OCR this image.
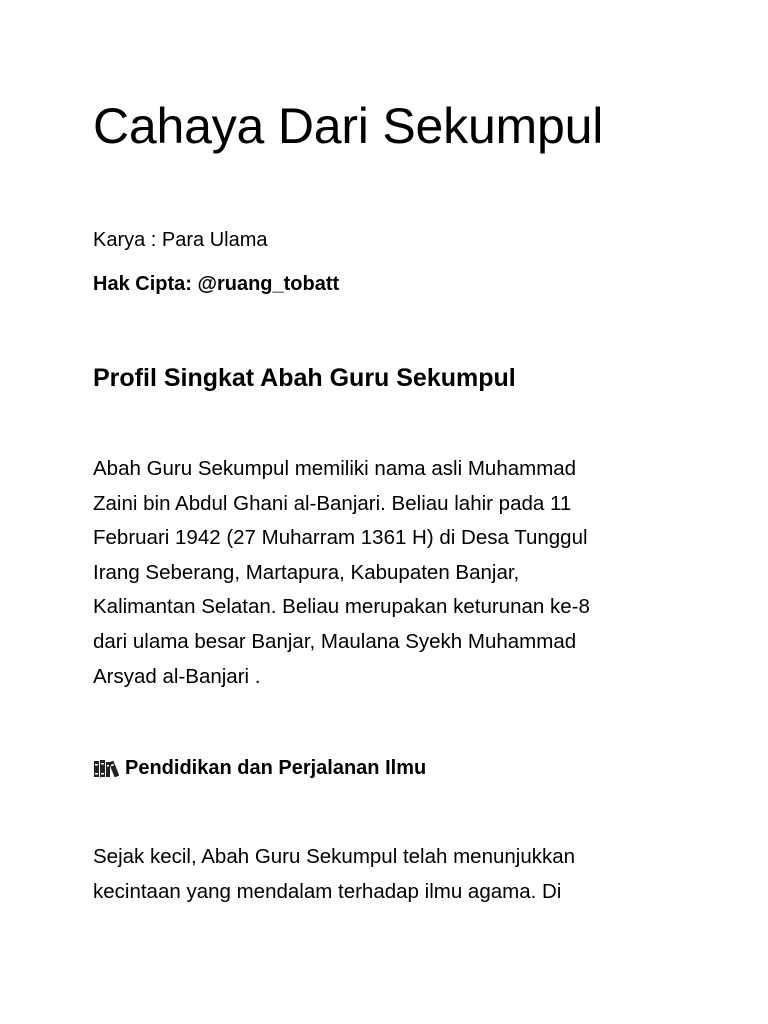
Cahaya Dari Sekumpul

Karya : Para Ulama

Hak Cipta: @ruang_tobatt

Profil Singkat Abah Guru Sekumpul

Abah Guru Sekumpul memiliki nama asli Muhammad
Zaini bin Abdul Ghani al-Banjari. Beliau lahir pada 11
Februari 1942 (27 Muharram 1361 H) di Desa Tunggul
Irang Seberang, Martapura, Kabupaten Banjar,
Kalimantan Selatan. Beliau merupakan keturunan ke-8
dari ulama besar Banjar, Maulana Syekh Muhammad
Arsyad al-Banjari .

Pendidikan dan Perjalanan Ilmu

Sejak kecil, Abah Guru Sekumpul telah menunjukkan
kecintaan yang mendalam terhadap ilmu agama. Di
